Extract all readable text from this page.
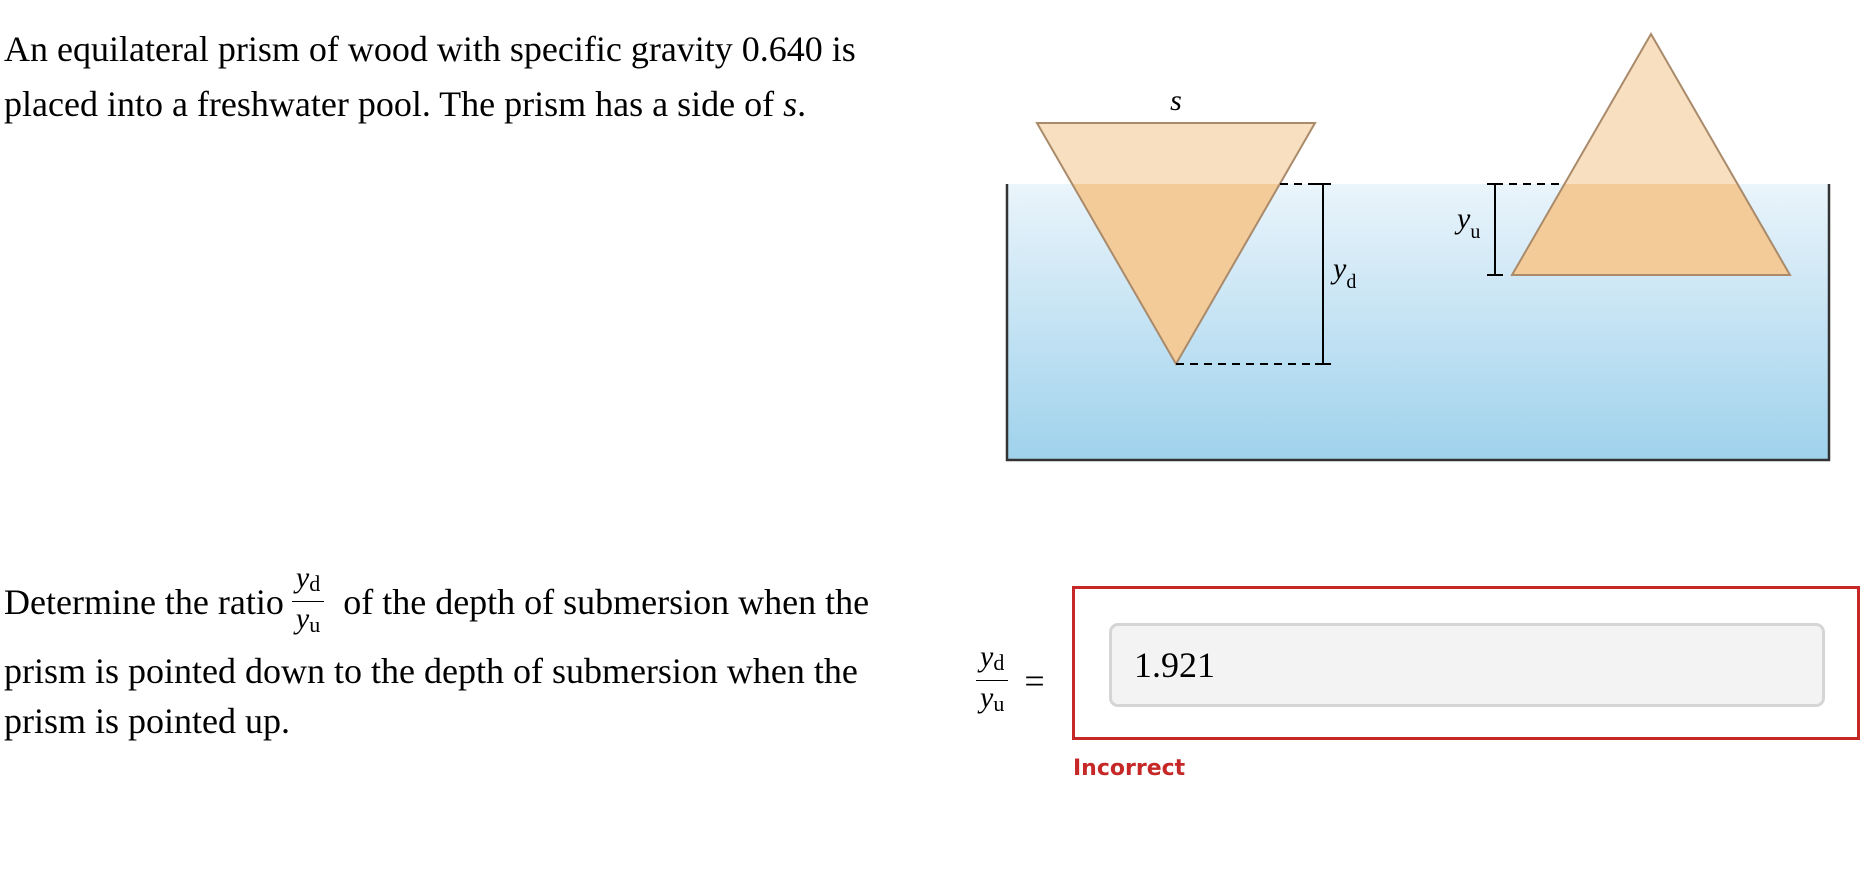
An equilateral prism of wood with specific gravity 0.640 is
placed into a freshwater pool. The prism has a side of s.	s
$y_d$
$y_u$

Determine the ratio $\frac{y_d}{y_u}$ of the depth of submersion when the
prism is pointed down to the depth of submersion when the
prism is pointed up.	$\frac{y_d}{y_u}$ =
1.921
Incorrect
